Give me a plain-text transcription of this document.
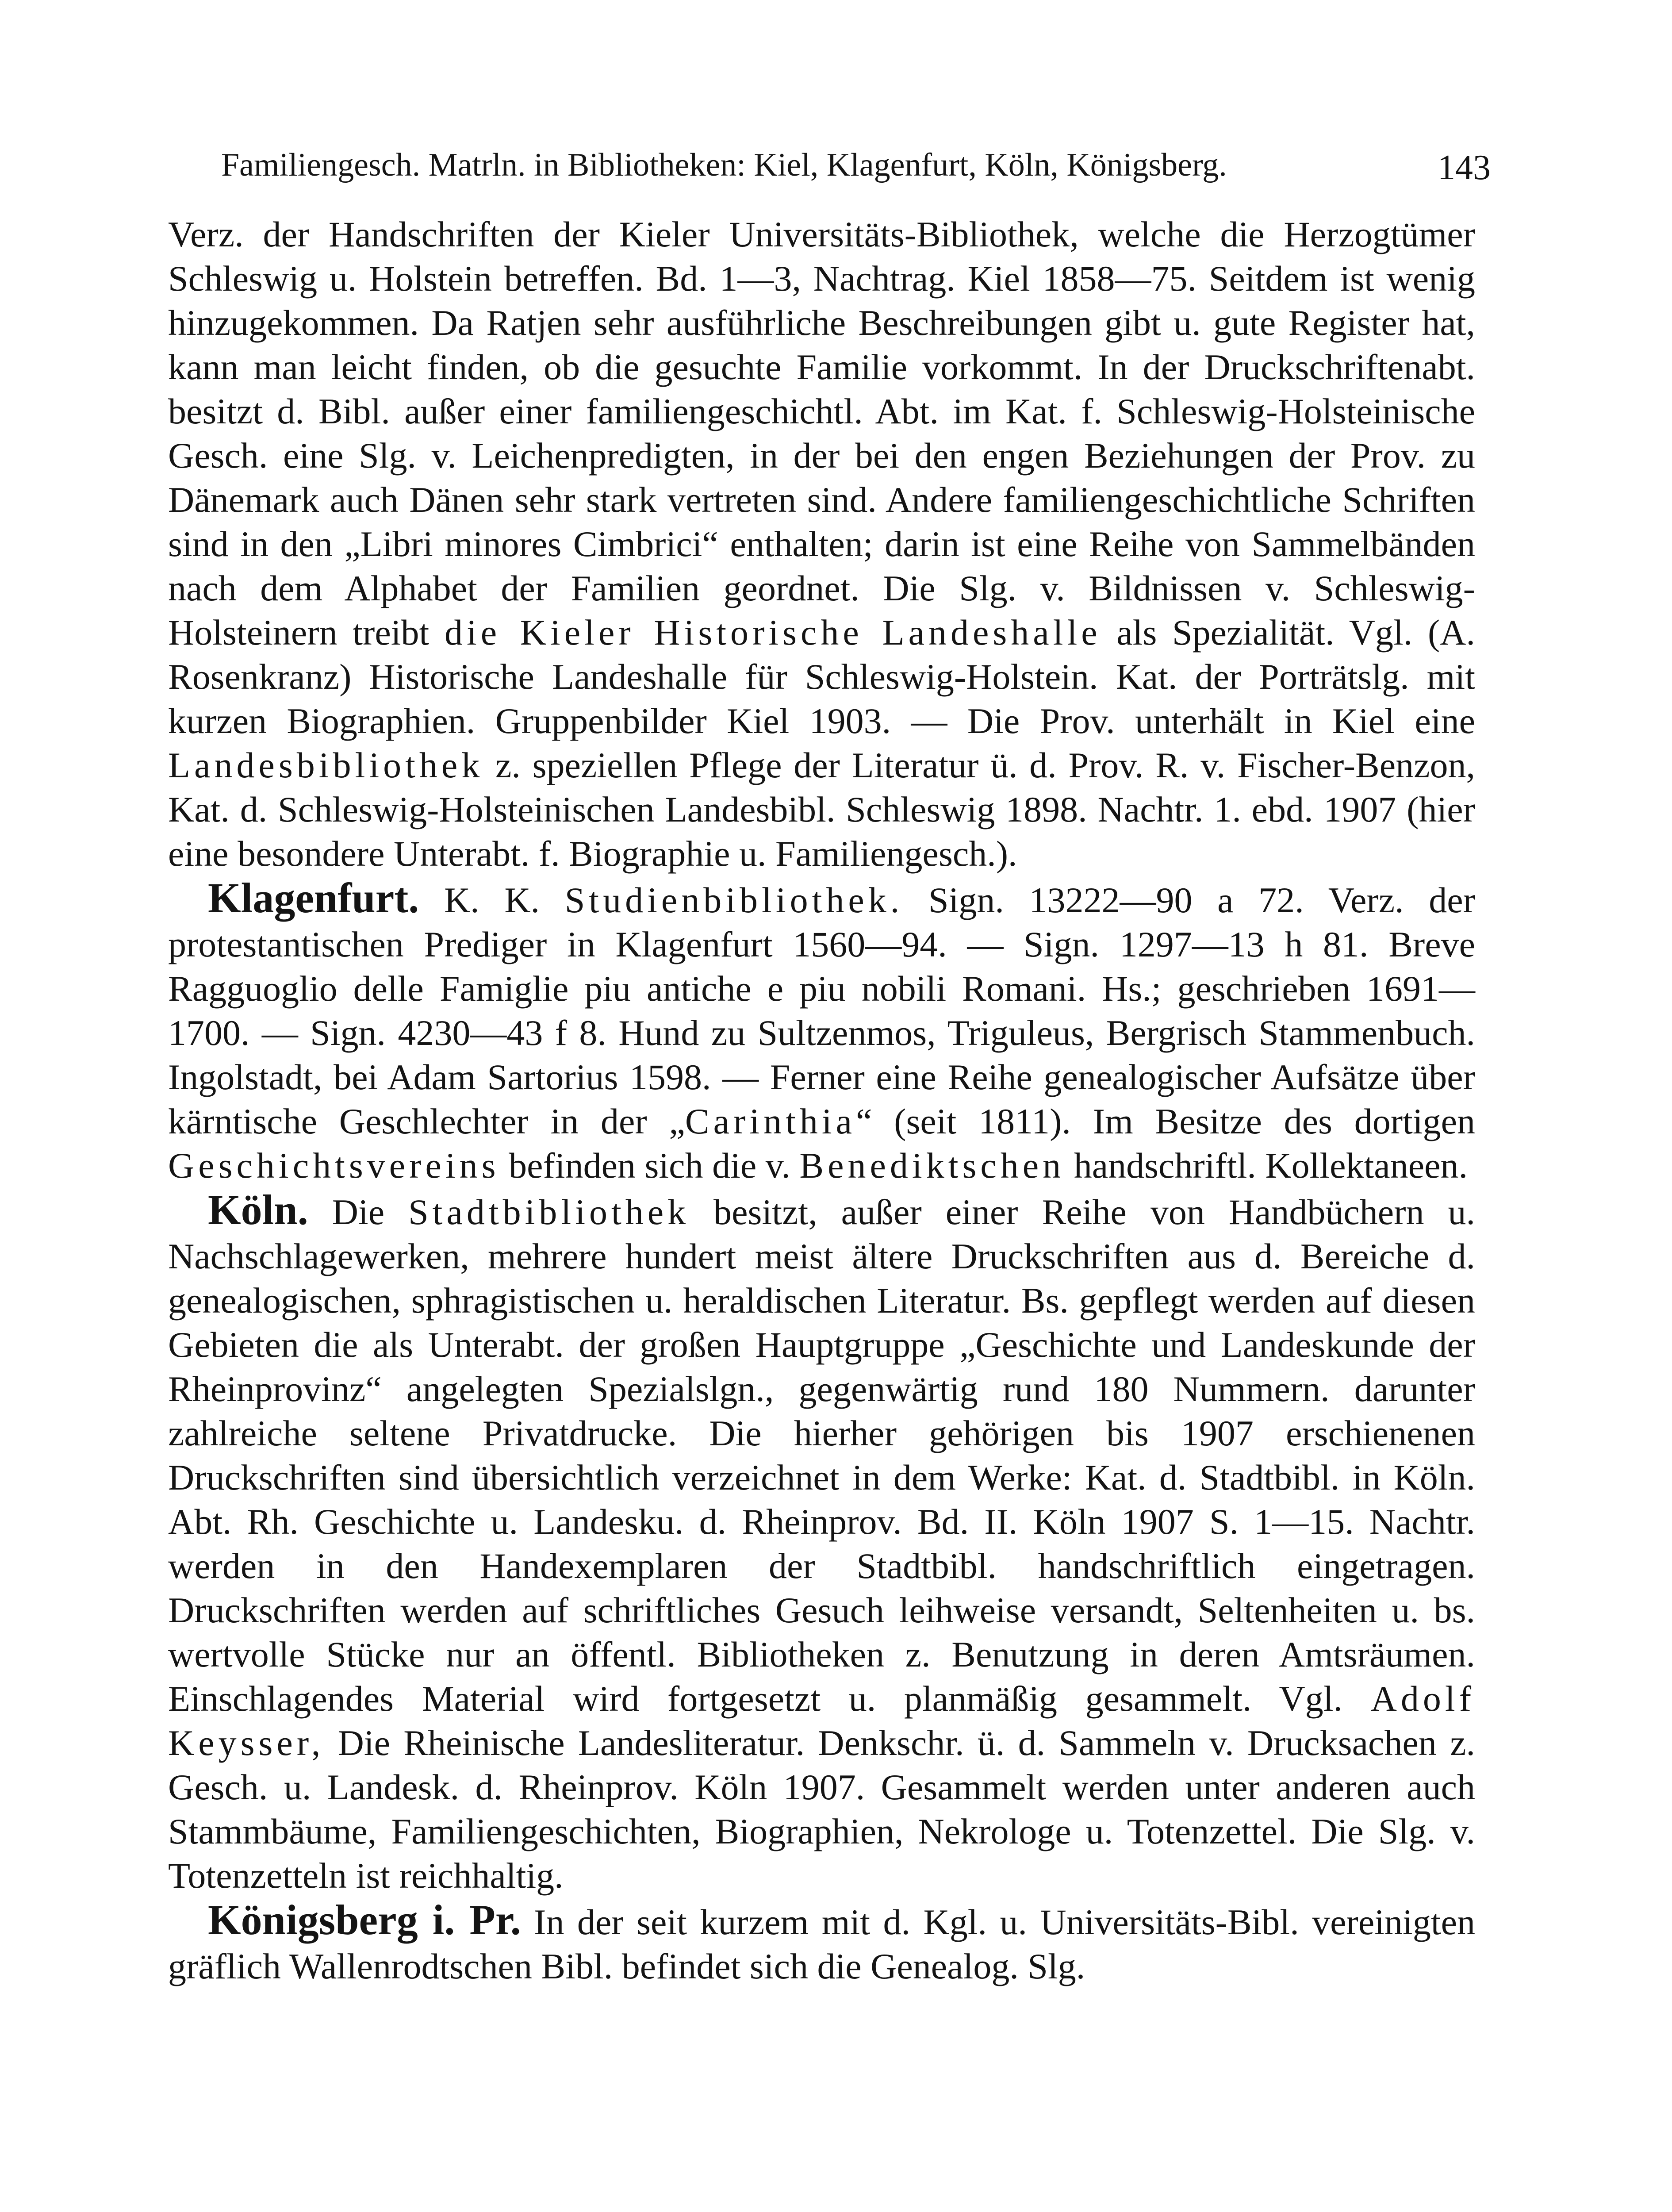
Familiengesch. Matrln. in Bibliotheken: Kiel, Klagenfurt, Köln, Königsberg.	143

Verz. der Handschriften der Kieler Universitäts-Bibliothek, welche die Herzogtümer Schleswig u. Holstein betreffen. Bd. 1—3, Nachtrag. Kiel 1858—75. Seitdem ist wenig hinzugekommen. Da Ratjen sehr ausführliche Beschreibungen gibt u. gute Register hat, kann man leicht finden, ob die gesuchte Familie vorkommt. In der Druckschriftenabt. besitzt d. Bibl. außer einer familiengeschichtl. Abt. im Kat. f. Schleswig-Holsteinische Gesch. eine Slg. v. Leichenpredigten, in der bei den engen Beziehungen der Prov. zu Dänemark auch Dänen sehr stark vertreten sind. Andere familiengeschichtliche Schriften sind in den „Libri minores Cimbrici“ enthalten; darin ist eine Reihe von Sammelbänden nach dem Alphabet der Familien geordnet. Die Slg. v. Bildnissen v. Schleswig-Holsteinern treibt die Kieler Historische Landeshalle als Spezialität. Vgl. (A. Rosenkranz) Historische Landeshalle für Schleswig-Holstein. Kat. der Porträtslg. mit kurzen Biographien. Gruppenbilder Kiel 1903. — Die Prov. unterhält in Kiel eine Landesbibliothek z. speziellen Pflege der Literatur ü. d. Prov. R. v. Fischer-Benzon, Kat. d. Schleswig-Holsteinischen Landesbibl. Schleswig 1898. Nachtr. 1. ebd. 1907 (hier eine besondere Unterabt. f. Biographie u. Familiengesch.).

Klagenfurt. K. K. Studienbibliothek. Sign. 13222—90 a 72. Verz. der protestantischen Prediger in Klagenfurt 1560—94. — Sign. 1297—13 h 81. Breve Ragguoglio delle Famiglie piu antiche e piu nobili Romani. Hs.; geschrieben 1691—1700. — Sign. 4230—43 f 8. Hund zu Sultzenmos, Triguleus, Bergrisch Stammenbuch. Ingolstadt, bei Adam Sartorius 1598. — Ferner eine Reihe genealogischer Aufsätze über kärntische Geschlechter in der „Carinthia“ (seit 1811). Im Besitze des dortigen Geschichtsvereins befinden sich die v. Benediktschen handschriftl. Kollektaneen.

Köln. Die Stadtbibliothek besitzt, außer einer Reihe von Handbüchern u. Nachschlagewerken, mehrere hundert meist ältere Druckschriften aus d. Bereiche d. genealogischen, sphragistischen u. heraldischen Literatur. Bs. gepflegt werden auf diesen Gebieten die als Unterabt. der großen Hauptgruppe „Geschichte und Landeskunde der Rheinprovinz“ angelegten Spezialslgn., gegenwärtig rund 180 Nummern. darunter zahlreiche seltene Privatdrucke. Die hierher gehörigen bis 1907 erschienenen Druckschriften sind übersichtlich verzeichnet in dem Werke: Kat. d. Stadtbibl. in Köln. Abt. Rh. Geschichte u. Landesku. d. Rheinprov. Bd. II. Köln 1907 S. 1—15. Nachtr. werden in den Handexemplaren der Stadtbibl. handschriftlich eingetragen. Druckschriften werden auf schriftliches Gesuch leihweise versandt, Seltenheiten u. bs. wertvolle Stücke nur an öffentl. Bibliotheken z. Benutzung in deren Amtsräumen. Einschlagendes Material wird fortgesetzt u. planmäßig gesammelt. Vgl. Adolf Keysser, Die Rheinische Landesliteratur. Denkschr. ü. d. Sammeln v. Drucksachen z. Gesch. u. Landesk. d. Rheinprov. Köln 1907. Gesammelt werden unter anderen auch Stammbäume, Familiengeschichten, Biographien, Nekrologe u. Totenzettel. Die Slg. v. Totenzetteln ist reichhaltig.

Königsberg i. Pr. In der seit kurzem mit d. Kgl. u. Universitäts-Bibl. vereinigten gräflich Wallenrodtschen Bibl. befindet sich die Genealog. Slg.
